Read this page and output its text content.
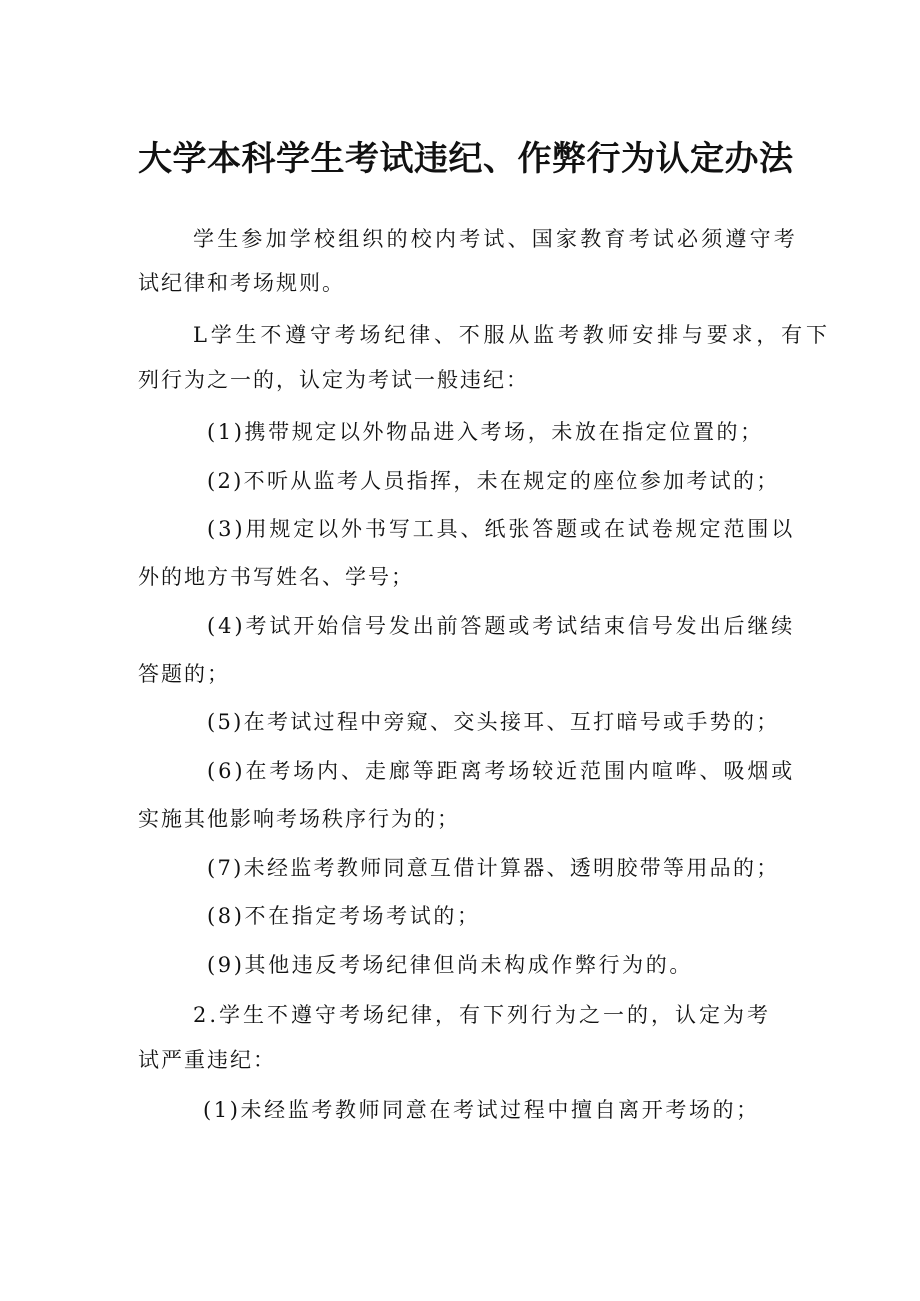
大学本科学生考试违纪、作弊行为认定办法

学生参加学校组织的校内考试、国家教育考试必须遵守考

试纪律和考场规则。

L学生不遵守考场纪律、不服从监考教师安排与要求，有下

列行为之一的，认定为考试一般违纪：

(1)携带规定以外物品进入考场，未放在指定位置的；

(2)不听从监考人员指挥，未在规定的座位参加考试的；

(3)用规定以外书写工具、纸张答题或在试卷规定范围以

外的地方书写姓名、学号；

(4)考试开始信号发出前答题或考试结束信号发出后继续

答题的；

(5)在考试过程中旁窥、交头接耳、互打暗号或手势的；

(6)在考场内、走廊等距离考场较近范围内喧哗、吸烟或

实施其他影响考场秩序行为的；

(7)未经监考教师同意互借计算器、透明胶带等用品的；

(8)不在指定考场考试的；

(9)其他违反考场纪律但尚未构成作弊行为的。

2.学生不遵守考场纪律，有下列行为之一的，认定为考

试严重违纪：

(1)未经监考教师同意在考试过程中擅自离开考场的；
